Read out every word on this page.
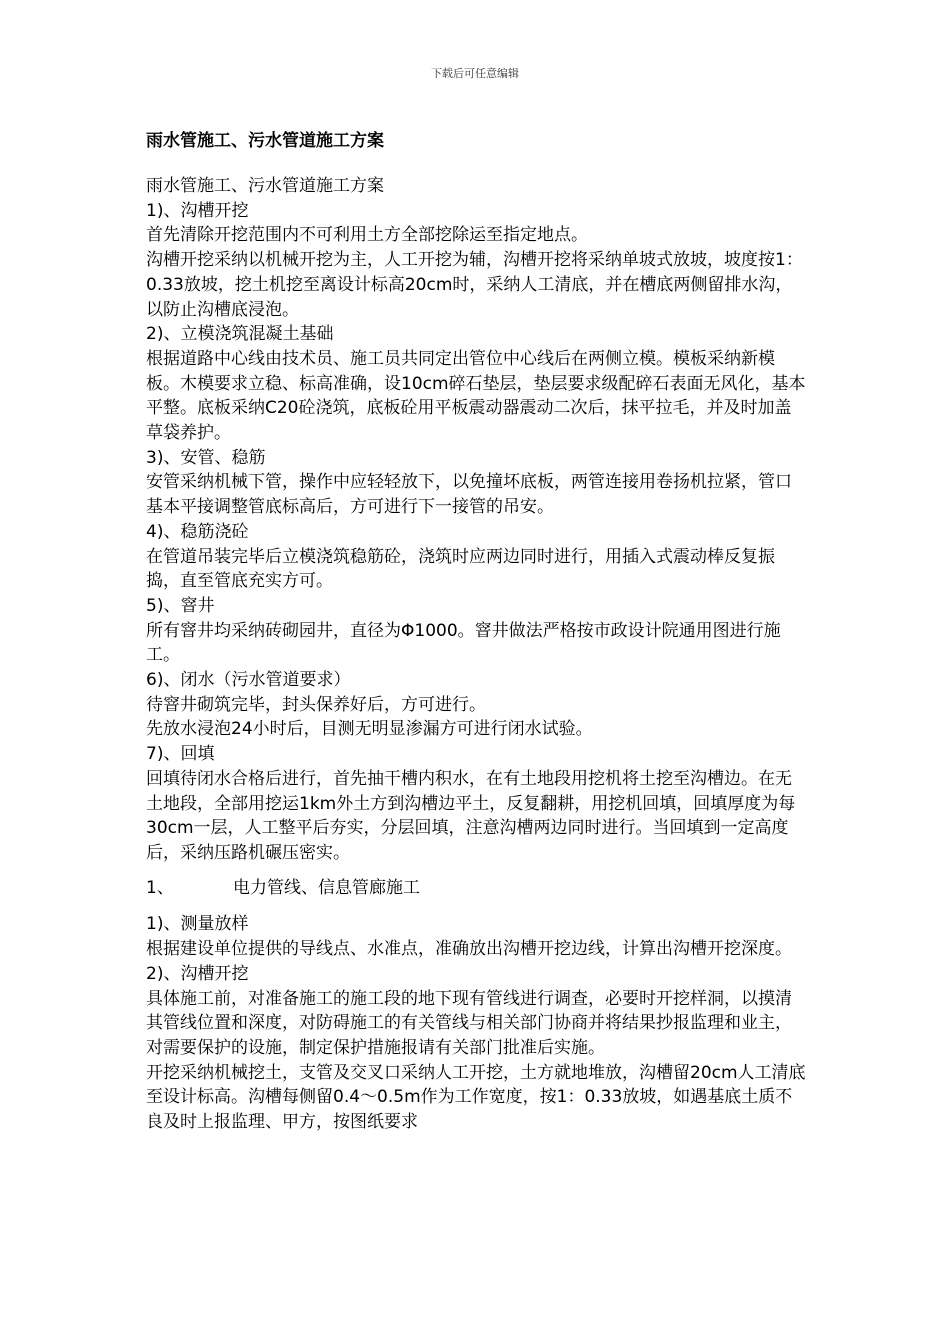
下载后可任意编辑
雨水管施工、污水管道施工方案

雨水管施工、污水管道施工方案

1)、沟槽开挖

首先清除开挖范围内不可利用土方全部挖除运至指定地点。

沟槽开挖采纳以机械开挖为主，人工开挖为辅，沟槽开挖将采纳单坡式放坡，坡度按1：0.33放坡，挖土机挖至离设计标高20cm时，采纳人工清底，并在槽底两侧留排水沟，以防止沟槽底浸泡。

2)、立模浇筑混凝土基础

根据道路中心线由技术员、施工员共同定出管位中心线后在两侧立模。模板采纳新模板。木模要求立稳、标高准确，设10cm碎石垫层，垫层要求级配碎石表面无风化，基本平整。底板采纳C20砼浇筑，底板砼用平板震动器震动二次后，抹平拉毛，并及时加盖草袋养护。

3)、安管、稳筋

安管采纳机械下管，操作中应轻轻放下，以免撞坏底板，两管连接用卷扬机拉紧，管口基本平接调整管底标高后，方可进行下一接管的吊安。

4)、稳筋浇砼

在管道吊装完毕后立模浇筑稳筋砼，浇筑时应两边同时进行，用插入式震动棒反复振捣，直至管底充实方可。

5)、窨井

所有窨井均采纳砖砌园井，直径为Φ1000。窨井做法严格按市政设计院通用图进行施工。

6)、闭水（污水管道要求）

待窨井砌筑完毕，封头保养好后，方可进行。

先放水浸泡24小时后，目测无明显渗漏方可进行闭水试验。

7)、回填

回填待闭水合格后进行，首先抽干槽内积水，在有土地段用挖机将土挖至沟槽边。在无土地段，全部用挖运1km外土方到沟槽边平土，反复翻耕，用挖机回填，回填厚度为每30cm一层，人工整平后夯实，分层回填，注意沟槽两边同时进行。当回填到一定高度后，采纳压路机碾压密实。

1、	电力管线、信息管廊施工

1)、测量放样

根据建设单位提供的导线点、水准点，准确放出沟槽开挖边线，计算出沟槽开挖深度。

2)、沟槽开挖

具体施工前，对准备施工的施工段的地下现有管线进行调查，必要时开挖样洞，以摸清其管线位置和深度，对防碍施工的有关管线与相关部门协商并将结果抄报监理和业主，对需要保护的设施，制定保护措施报请有关部门批准后实施。

开挖采纳机械挖土，支管及交叉口采纳人工开挖，土方就地堆放，沟槽留20cm人工清底至设计标高。沟槽每侧留0.4～0.5m作为工作宽度，按1：0.33放坡，如遇基底土质不良及时上报监理、甲方，按图纸要求
